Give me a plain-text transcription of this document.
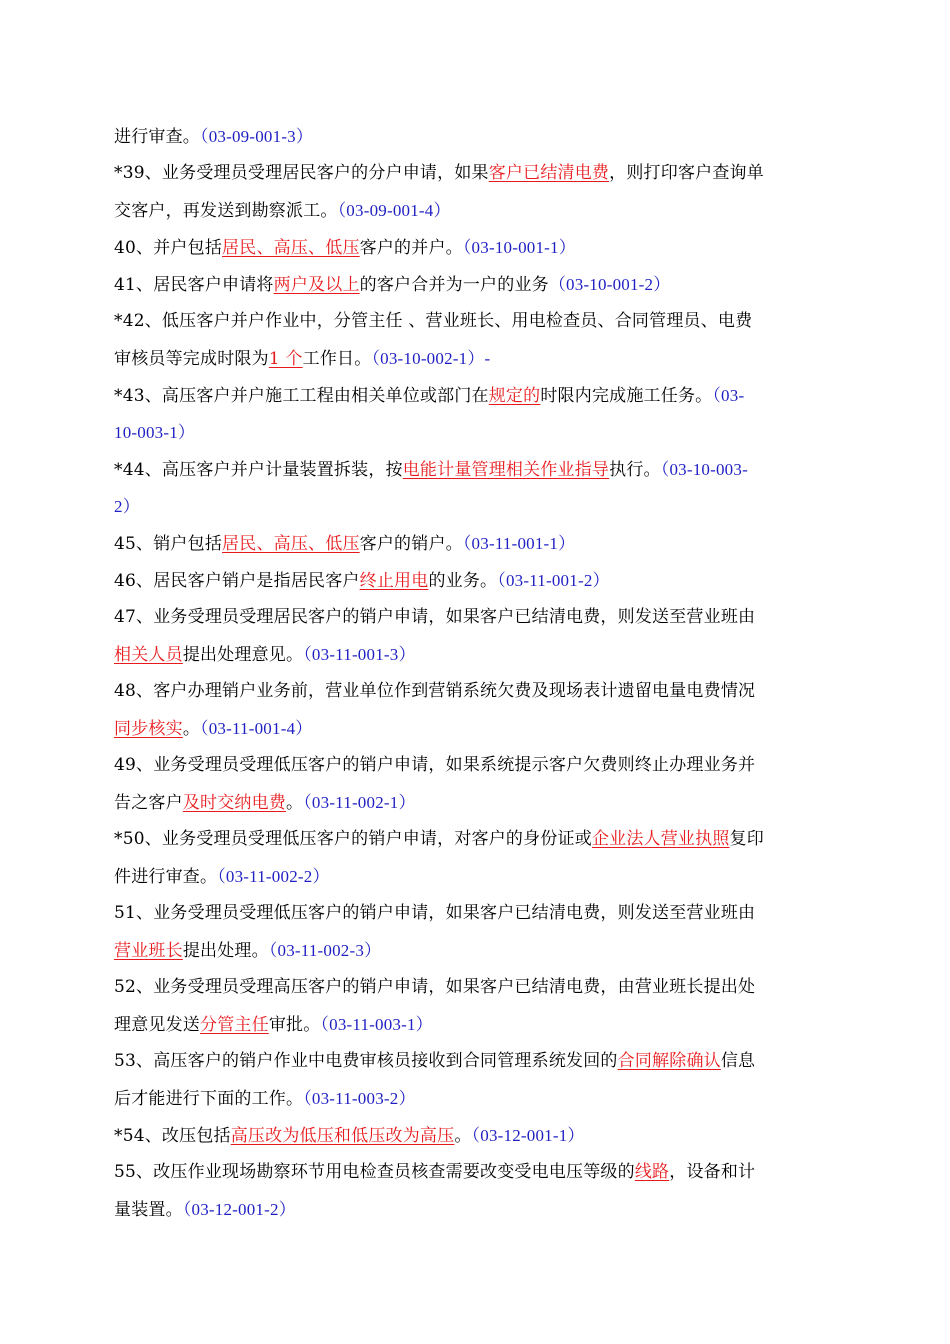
进行审查。（03-09-001-3）
*39、业务受理员受理居民客户的分户申请，如果客户已结清电费，则打印客户查询单
交客户，再发送到勘察派工。（03-09-001-4）
40、并户包括居民、高压、低压客户的并户。（03-10-001-1）
41、居民客户申请将两户及以上的客户合并为一户的业务（03-10-001-2）
*42、低压客户并户作业中，分管主任 、营业班长、用电检查员、合同管理员、电费
审核员等完成时限为1 个工作日。（03-10-002-1）-
*43、高压客户并户施工工程由相关单位或部门在规定的时限内完成施工任务。（03-
10-003-1）
*44、高压客户并户计量装置拆装，按电能计量管理相关作业指导执行。（03-10-003-
2）
45、销户包括居民、高压、低压客户的销户。（03-11-001-1）
46、居民客户销户是指居民客户终止用电的业务。（03-11-001-2）
47、业务受理员受理居民客户的销户申请，如果客户已结清电费，则发送至营业班由
相关人员提出处理意见。（03-11-001-3）
48、客户办理销户业务前，营业单位作到营销系统欠费及现场表计遗留电量电费情况
同步核实。（03-11-001-4）
49、业务受理员受理低压客户的销户申请，如果系统提示客户欠费则终止办理业务并
告之客户及时交纳电费。（03-11-002-1）
*50、业务受理员受理低压客户的销户申请，对客户的身份证或企业法人营业执照复印
件进行审查。（03-11-002-2）
51、业务受理员受理低压客户的销户申请，如果客户已结清电费，则发送至营业班由
营业班长提出处理。（03-11-002-3）
52、业务受理员受理高压客户的销户申请，如果客户已结清电费，由营业班长提出处
理意见发送分管主任审批。（03-11-003-1）
53、高压客户的销户作业中电费审核员接收到合同管理系统发回的合同解除确认信息
后才能进行下面的工作。（03-11-003-2）
*54、改压包括高压改为低压和低压改为高压。（03-12-001-1）
55、改压作业现场勘察环节用电检查员核查需要改变受电电压等级的线路，设备和计
量装置。（03-12-001-2）
